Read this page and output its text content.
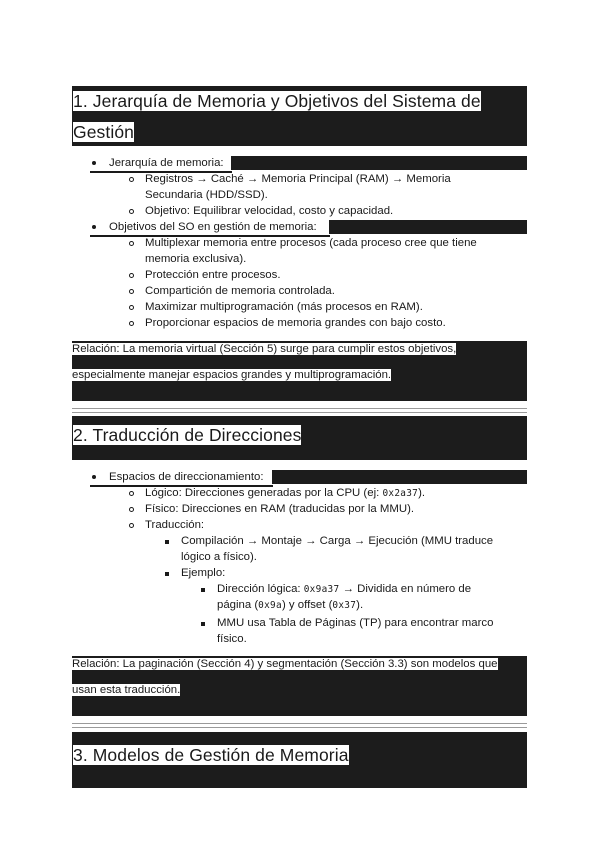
1. Jerarquía de Memoria y Objetivos del Sistema de
Gestión
Jerarquía de memoria:
Registros → Caché → Memoria Principal (RAM) → Memoria
Secundaria (HDD/SSD).
Objetivo: Equilibrar velocidad, costo y capacidad.
Objetivos del SO en gestión de memoria:
Multiplexar memoria entre procesos (cada proceso cree que tiene
memoria exclusiva).
Protección entre procesos.
Compartición de memoria controlada.
Maximizar multiprogramación (más procesos en RAM).
Proporcionar espacios de memoria grandes con bajo costo.
Relación: La memoria virtual (Sección 5) surge para cumplir estos objetivos,
especialmente manejar espacios grandes y multiprogramación.
2. Traducción de Direcciones
Espacios de direccionamiento:
Lógico: Direcciones generadas por la CPU (ej: 0x2a37).
Físico: Direcciones en RAM (traducidas por la MMU).
Traducción:
Compilación → Montaje → Carga → Ejecución (MMU traduce
lógico a físico).
Ejemplo:
Dirección lógica: 0x9a37 → Dividida en número de
página (0x9a) y offset (0x37).
MMU usa Tabla de Páginas (TP) para encontrar marco
físico.
Relación: La paginación (Sección 4) y segmentación (Sección 3.3) son modelos que
usan esta traducción.
3. Modelos de Gestión de Memoria
